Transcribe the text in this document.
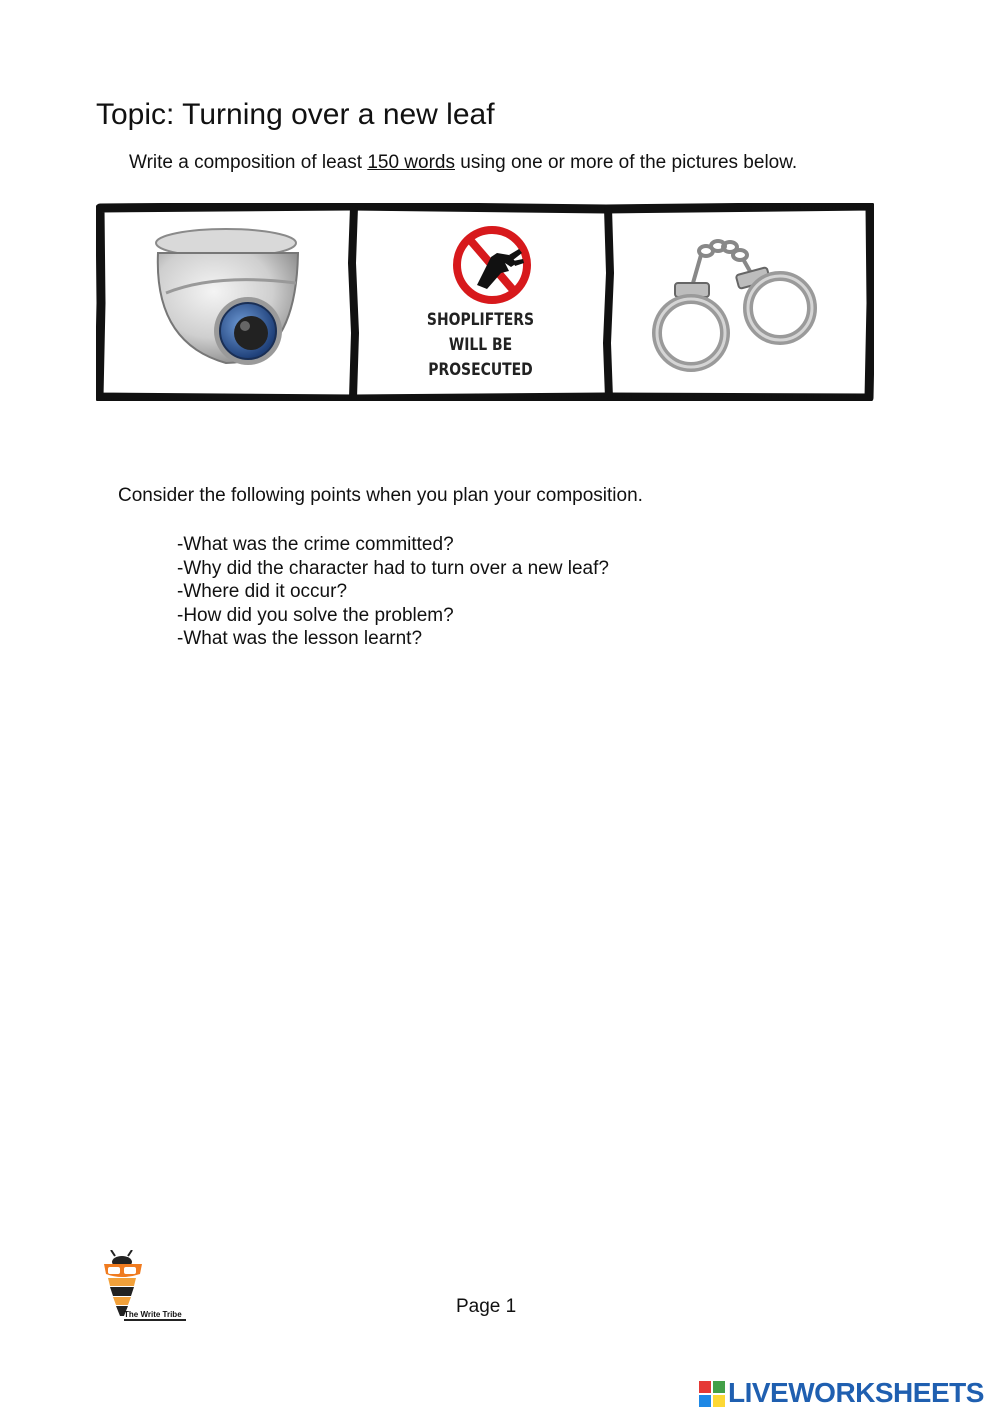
Topic: Turning over a new leaf

Write a composition of least 150 words using one or more of the pictures below.

SHOPLIFTERS
WILL BE
PROSECUTED

Consider the following points when you plan your composition.

-What was the crime committed?
-Why did the character had to turn over a new leaf?
-Where did it occur?
-How did you solve the problem?
-What was the lesson learnt?
The Write Tribe	Page 1

LIVEWORKSHEETS
